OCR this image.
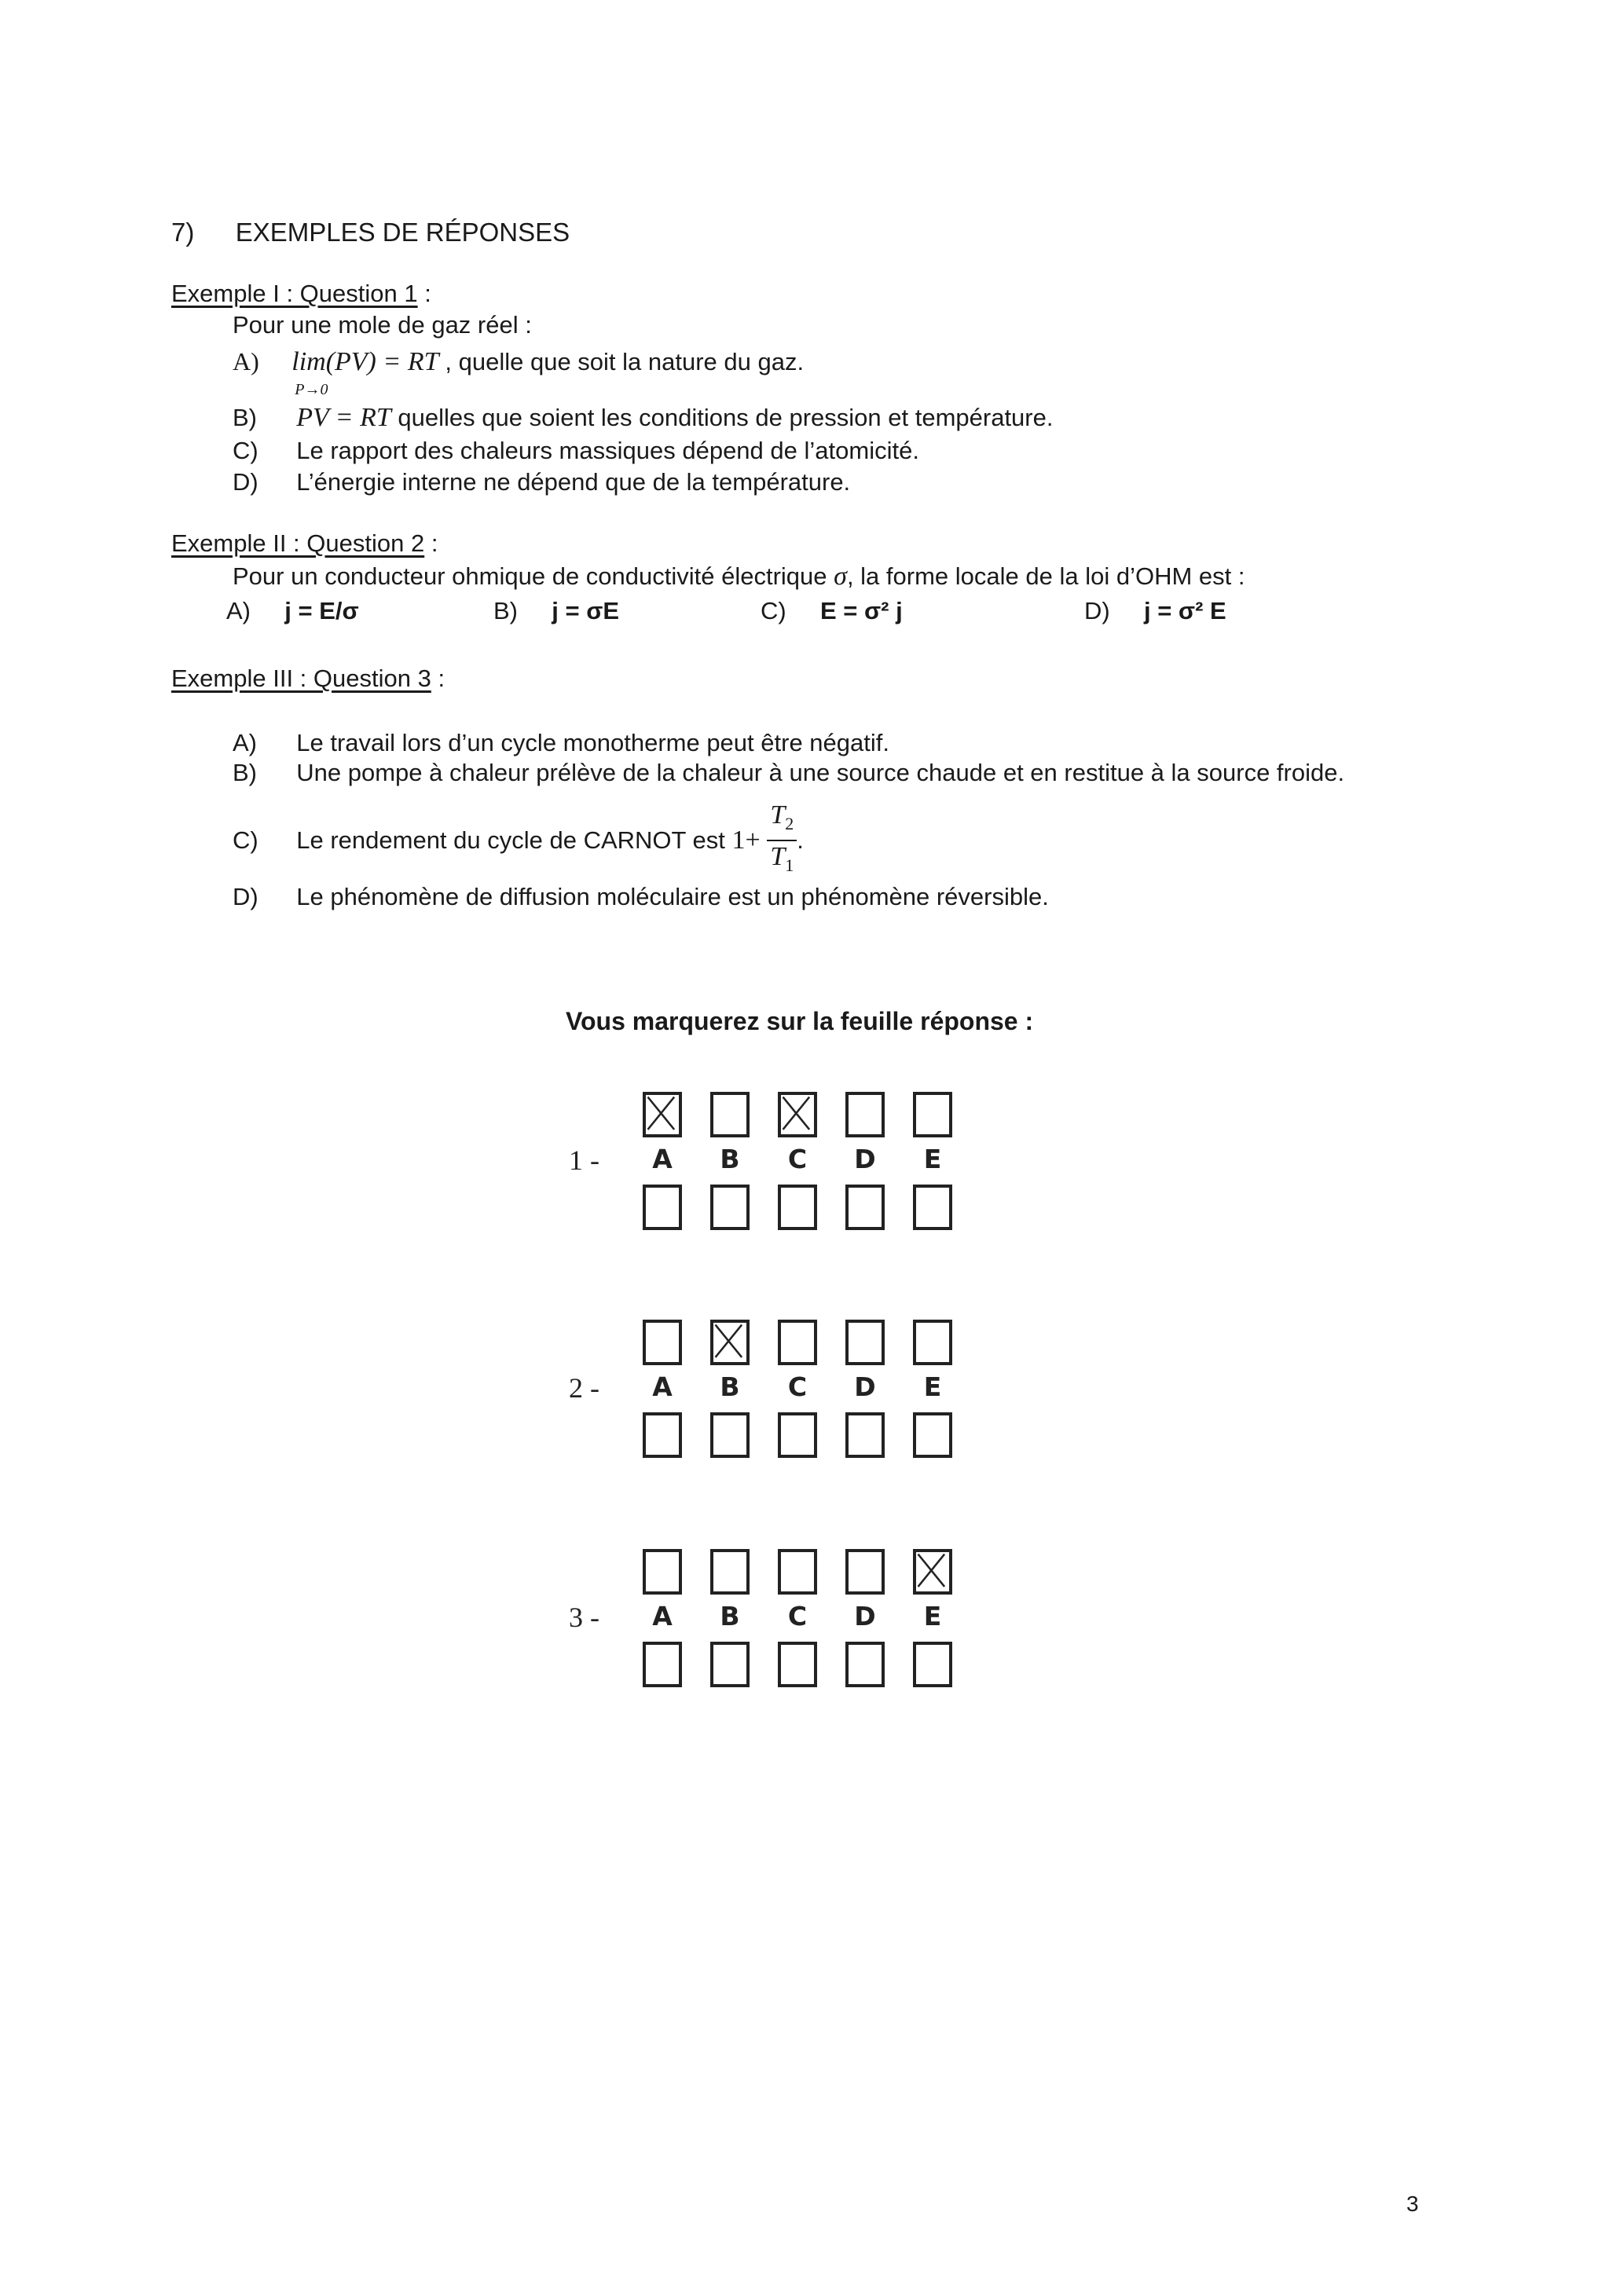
7) EXEMPLES DE RÉPONSES
Exemple I : Question 1 :
Pour une mole de gaz réel :
A) lim(PV) = RT
P→0
, quelle que soit la nature du gaz.
B) PV = RT quelles que soient les conditions de pression et température.
C) Le rapport des chaleurs massiques dépend de l’atomicité.
D) L’énergie interne ne dépend que de la température.
Exemple II : Question 2 :
Pour un conducteur ohmique de conductivité électrique σ, la forme locale de la loi d’OHM est :
A) j = E/σ	B) j = σE	C) E = σ² j	D) j = σ² E
Exemple III : Question 3 :
A) Le travail lors d’un cycle monotherme peut être négatif.
B) Une pompe à chaleur prélève de la chaleur à une source chaude et en restitue à la source froide.
C) Le rendement du cycle de CARNOT est $1+ \frac{T_2}{T_1}$ .
D) Le phénomène de diffusion moléculaire est un phénomène réversible.
Vous marquerez sur la feuille réponse :
1 -	A	B	C	D	E
2 -	A	B	C	D	E
3 -	A	B	C	D	E
3
